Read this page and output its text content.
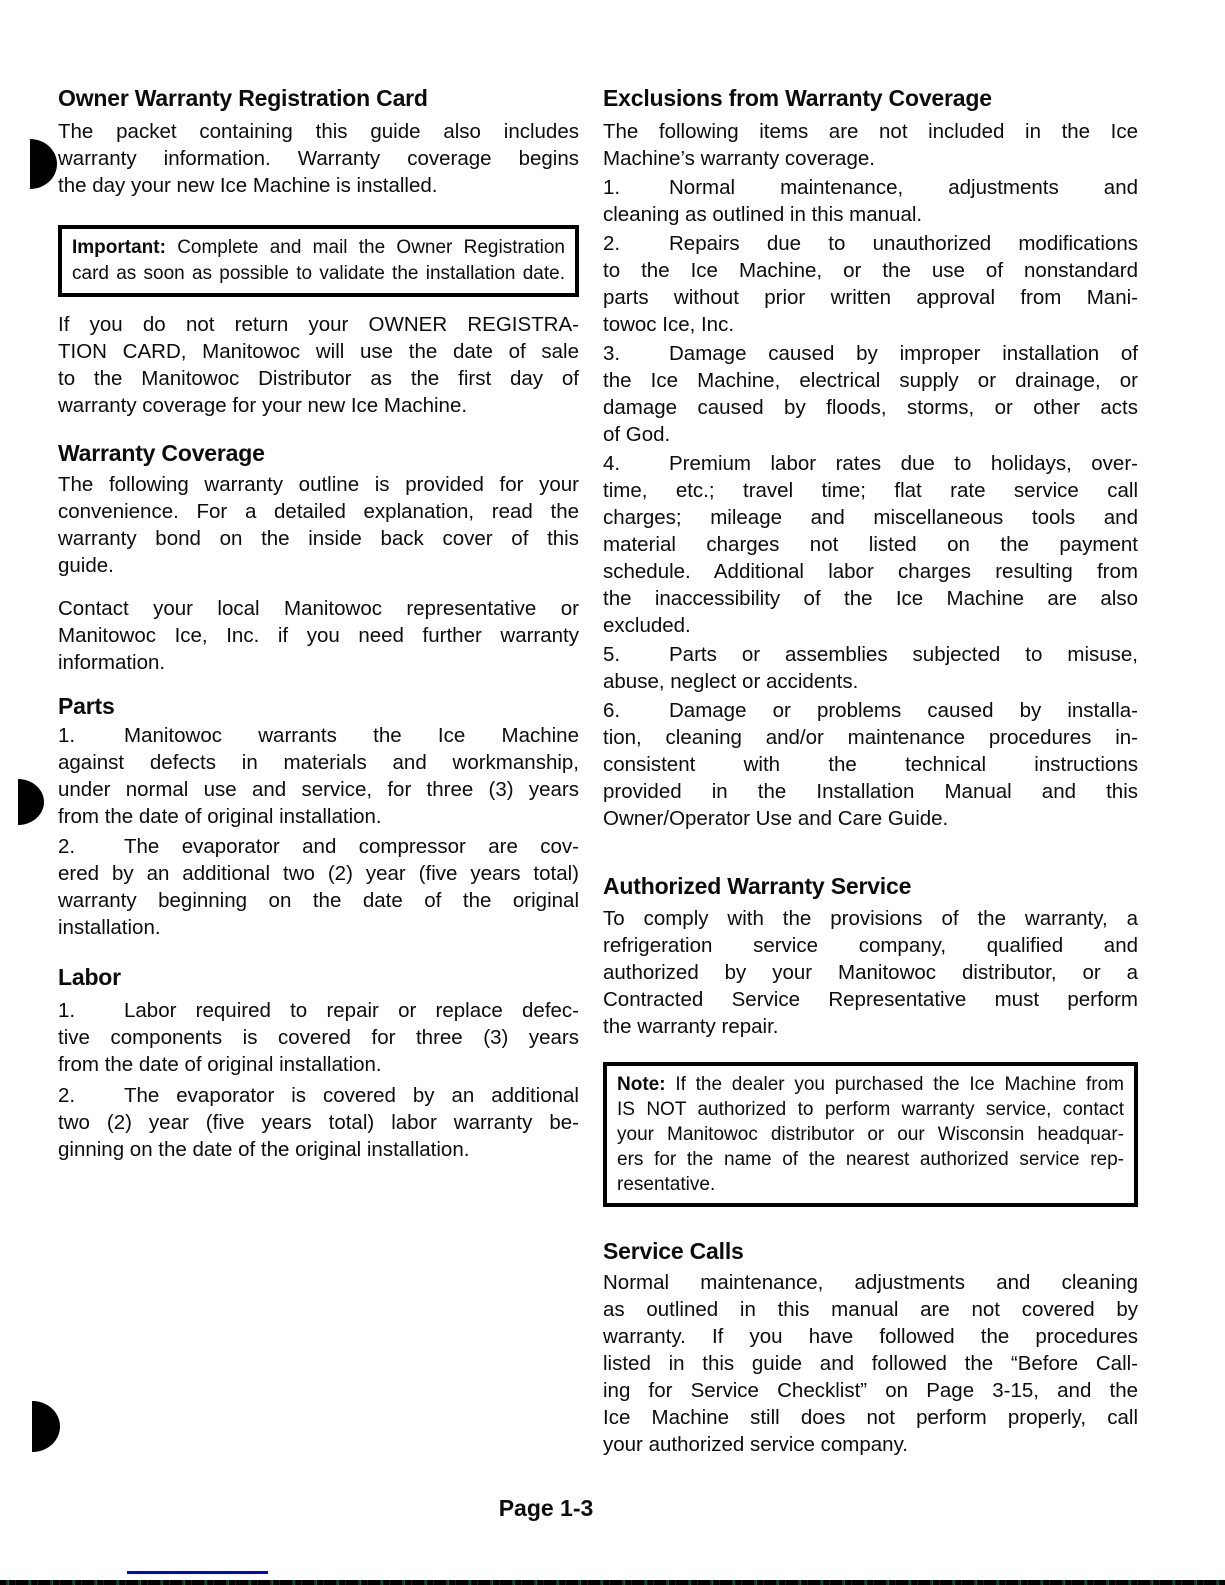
Owner Warranty Registration Card
The packet containing this guide also includes
warranty information. Warranty coverage begins
the day your new Ice Machine is installed.
Important: Complete and mail the Owner Registration
card as soon as possible to validate the installation date.
If you do not return your OWNER REGISTRA-
TION CARD, Manitowoc will use the date of sale
to the Manitowoc Distributor as the first day of
warranty coverage for your new Ice Machine.
Warranty Coverage
The following warranty outline is provided for your
convenience. For a detailed explanation, read the
warranty bond on the inside back cover of this
guide.
Contact your local Manitowoc representative or
Manitowoc Ice, Inc. if you need further warranty
information.
Parts
1. Manitowoc warrants the Ice Machine
against defects in materials and workmanship,
under normal use and service, for three (3) years
from the date of original installation.
2. The evaporator and compressor are cov-
ered by an additional two (2) year (five years total)
warranty beginning on the date of the original
installation.
Labor
1. Labor required to repair or replace defec-
tive components is covered for three (3) years
from the date of original installation.
2. The evaporator is covered by an additional
two (2) year (five years total) labor warranty be-
ginning on the date of the original installation.
Exclusions from Warranty Coverage
The following items are not included in the Ice
Machine’s warranty coverage.
1. Normal maintenance, adjustments and
cleaning as outlined in this manual.
2. Repairs due to unauthorized modifications
to the Ice Machine, or the use of nonstandard
parts without prior written approval from Mani-
towoc Ice, Inc.
3. Damage caused by improper installation of
the Ice Machine, electrical supply or drainage, or
damage caused by floods, storms, or other acts
of God.
4. Premium labor rates due to holidays, over-
time, etc.; travel time; flat rate service call
charges; mileage and miscellaneous tools and
material charges not listed on the payment
schedule. Additional labor charges resulting from
the inaccessibility of the Ice Machine are also
excluded.
5. Parts or assemblies subjected to misuse,
abuse, neglect or accidents.
6. Damage or problems caused by installa-
tion, cleaning and/or maintenance procedures in-
consistent with the technical instructions
provided in the Installation Manual and this
Owner/Operator Use and Care Guide.
Authorized Warranty Service
To comply with the provisions of the warranty, a
refrigeration service company, qualified and
authorized by your Manitowoc distributor, or a
Contracted Service Representative must perform
the warranty repair.
Note: If the dealer you purchased the Ice Machine from
IS NOT authorized to perform warranty service, contact
your Manitowoc distributor or our Wisconsin headquar-
ers for the name of the nearest authorized service rep-
resentative.
Service Calls
Normal maintenance, adjustments and cleaning
as outlined in this manual are not covered by
warranty. If you have followed the procedures
listed in this guide and followed the “Before Call-
ing for Service Checklist” on Page 3-15, and the
Ice Machine still does not perform properly, call
your authorized service company.
Page 1-3
